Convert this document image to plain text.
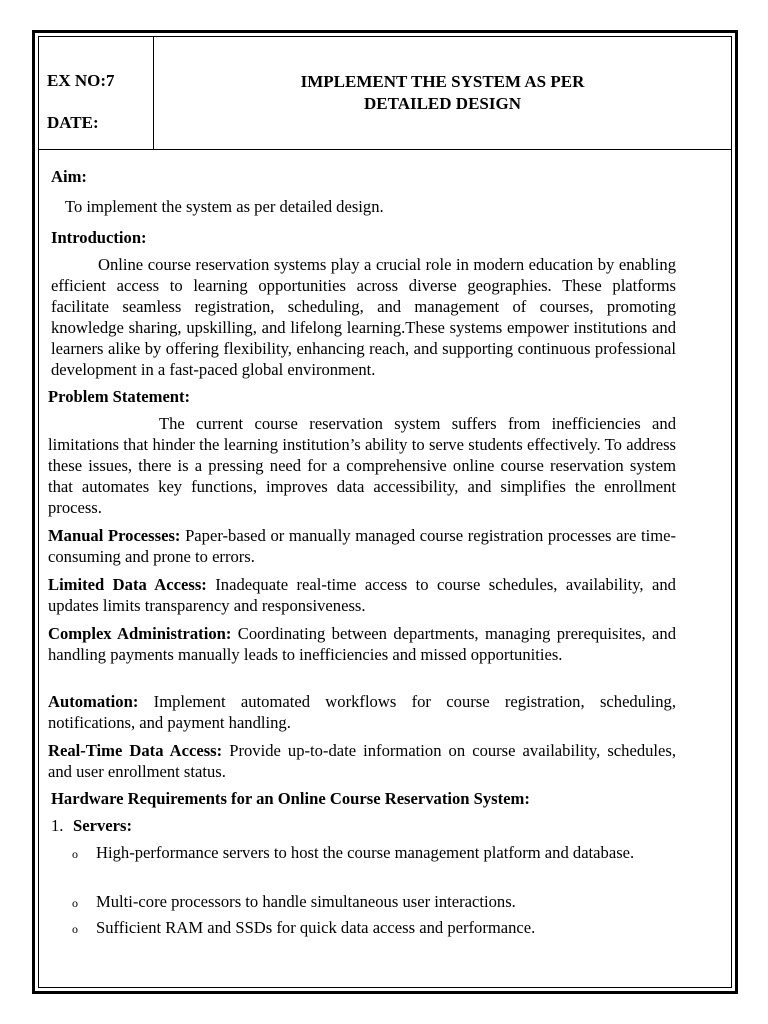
EX NO:7
DATE:
IMPLEMENT THE SYSTEM AS PER
DETAILED DESIGN
Aim:
To implement the system as per detailed design.
Introduction:
Online course reservation systems play a crucial role in modern education by enabling efficient access to learning opportunities across diverse geographies. These platforms facilitate seamless registration, scheduling, and management of courses, promoting knowledge sharing, upskilling, and lifelong learning.These systems empower institutions and learners alike by offering flexibility, enhancing reach, and supporting continuous professional development in a fast-paced global environment.
Problem Statement:
The current course reservation system suffers from inefficiencies and limitations that hinder the learning institution’s ability to serve students effectively. To address these issues, there is a pressing need for a comprehensive online course reservation system that automates key functions, improves data accessibility, and simplifies the enrollment process.
Manual Processes: Paper-based or manually managed course registration processes are time-consuming and prone to errors.
Limited Data Access: Inadequate real-time access to course schedules, availability, and updates limits transparency and responsiveness.
Complex Administration: Coordinating between departments, managing prerequisites, and handling payments manually leads to inefficiencies and missed opportunities.
Automation: Implement automated workflows for course registration, scheduling, notifications, and payment handling.
Real-Time Data Access: Provide up-to-date information on course availability, schedules, and user enrollment status.
Hardware Requirements for an Online Course Reservation System:
1. Servers:
o High-performance servers to host the course management platform and database.
o Multi-core processors to handle simultaneous user interactions.
o Sufficient RAM and SSDs for quick data access and performance.
